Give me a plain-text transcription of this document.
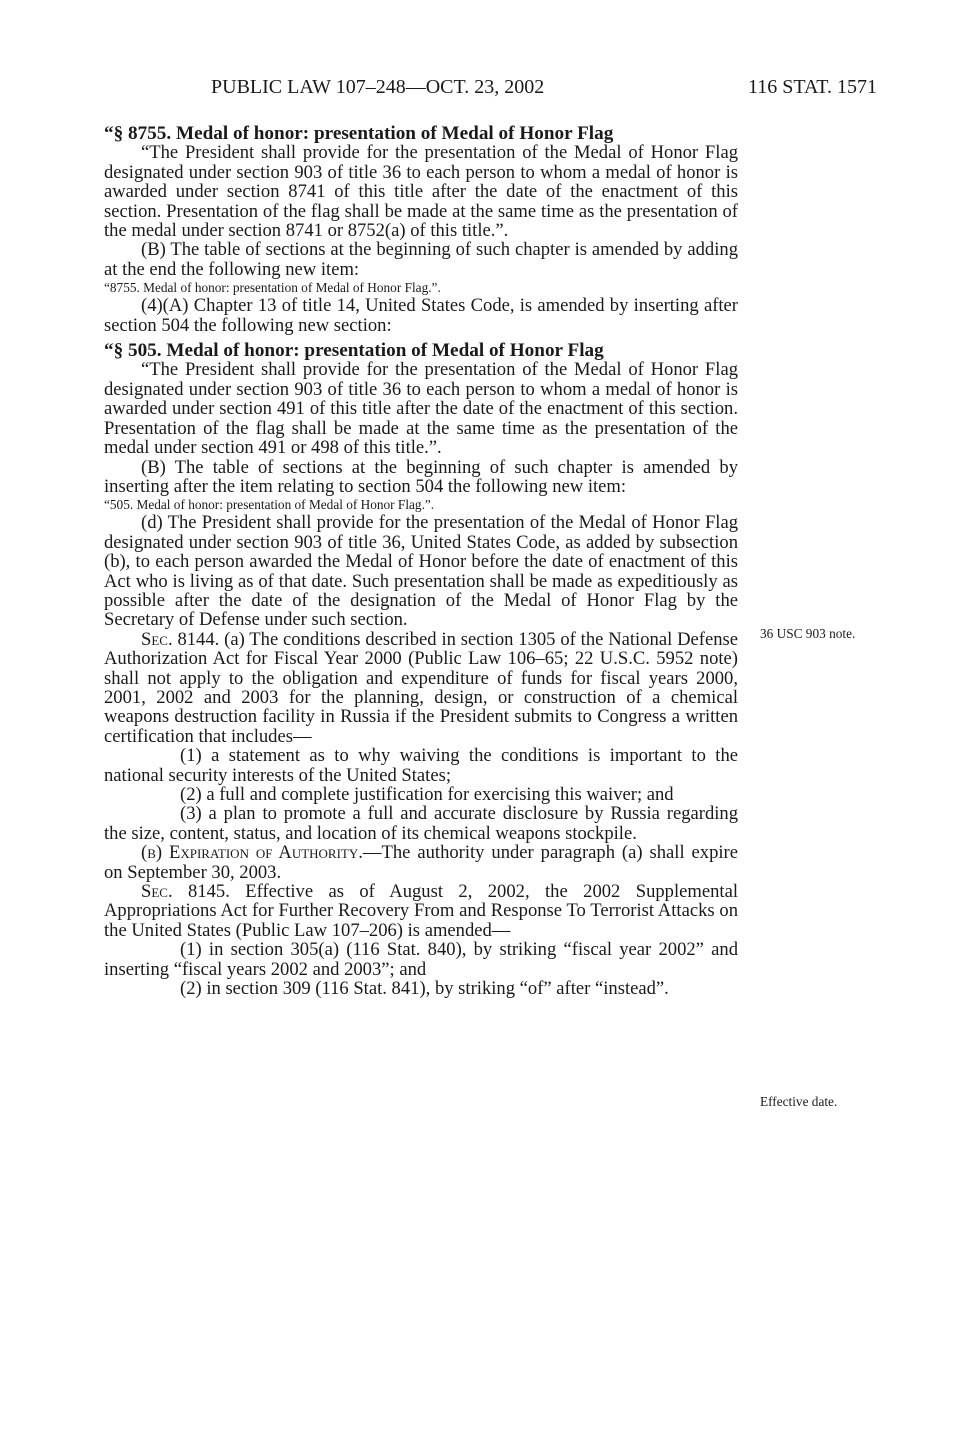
PUBLIC LAW 107–248—OCT. 23, 2002	116 STAT. 1571

“§ 8755. Medal of honor: presentation of Medal of Honor Flag

“The President shall provide for the presentation of the Medal of Honor Flag designated under section 903 of title 36 to each person to whom a medal of honor is awarded under section 8741 of this title after the date of the enactment of this section. Presentation of the flag shall be made at the same time as the presentation of the medal under section 8741 or 8752(a) of this title.”.

(B) The table of sections at the beginning of such chapter is amended by adding at the end the following new item:

“8755. Medal of honor: presentation of Medal of Honor Flag.”.

(4)(A) Chapter 13 of title 14, United States Code, is amended by inserting after section 504 the following new section:

“§ 505. Medal of honor: presentation of Medal of Honor Flag

“The President shall provide for the presentation of the Medal of Honor Flag designated under section 903 of title 36 to each person to whom a medal of honor is awarded under section 491 of this title after the date of the enactment of this section. Presentation of the flag shall be made at the same time as the presentation of the medal under section 491 or 498 of this title.”.

(B) The table of sections at the beginning of such chapter is amended by inserting after the item relating to section 504 the following new item:

“505. Medal of honor: presentation of Medal of Honor Flag.”.

(d) The President shall provide for the presentation of the Medal of Honor Flag designated under section 903 of title 36, United States Code, as added by subsection (b), to each person awarded the Medal of Honor before the date of enactment of this Act who is living as of that date. Such presentation shall be made as expeditiously as possible after the date of the designation of the Medal of Honor Flag by the Secretary of Defense under such section.

Sec. 8144. (a) The conditions described in section 1305 of the National Defense Authorization Act for Fiscal Year 2000 (Public Law 106–65; 22 U.S.C. 5952 note) shall not apply to the obligation and expenditure of funds for fiscal years 2000, 2001, 2002 and 2003 for the planning, design, or construction of a chemical weapons destruction facility in Russia if the President submits to Congress a written certification that includes—

(1) a statement as to why waiving the conditions is important to the national security interests of the United States;

(2) a full and complete justification for exercising this waiver; and

(3) a plan to promote a full and accurate disclosure by Russia regarding the size, content, status, and location of its chemical weapons stockpile.

(b) Expiration of Authority.—The authority under paragraph (a) shall expire on September 30, 2003.

Sec. 8145. Effective as of August 2, 2002, the 2002 Supplemental Appropriations Act for Further Recovery From and Response To Terrorist Attacks on the United States (Public Law 107–206) is amended—

(1) in section 305(a) (116 Stat. 840), by striking “fiscal year 2002” and inserting “fiscal years 2002 and 2003”; and

(2) in section 309 (116 Stat. 841), by striking “of” after “instead”.

36 USC 903 note.
Effective date.
